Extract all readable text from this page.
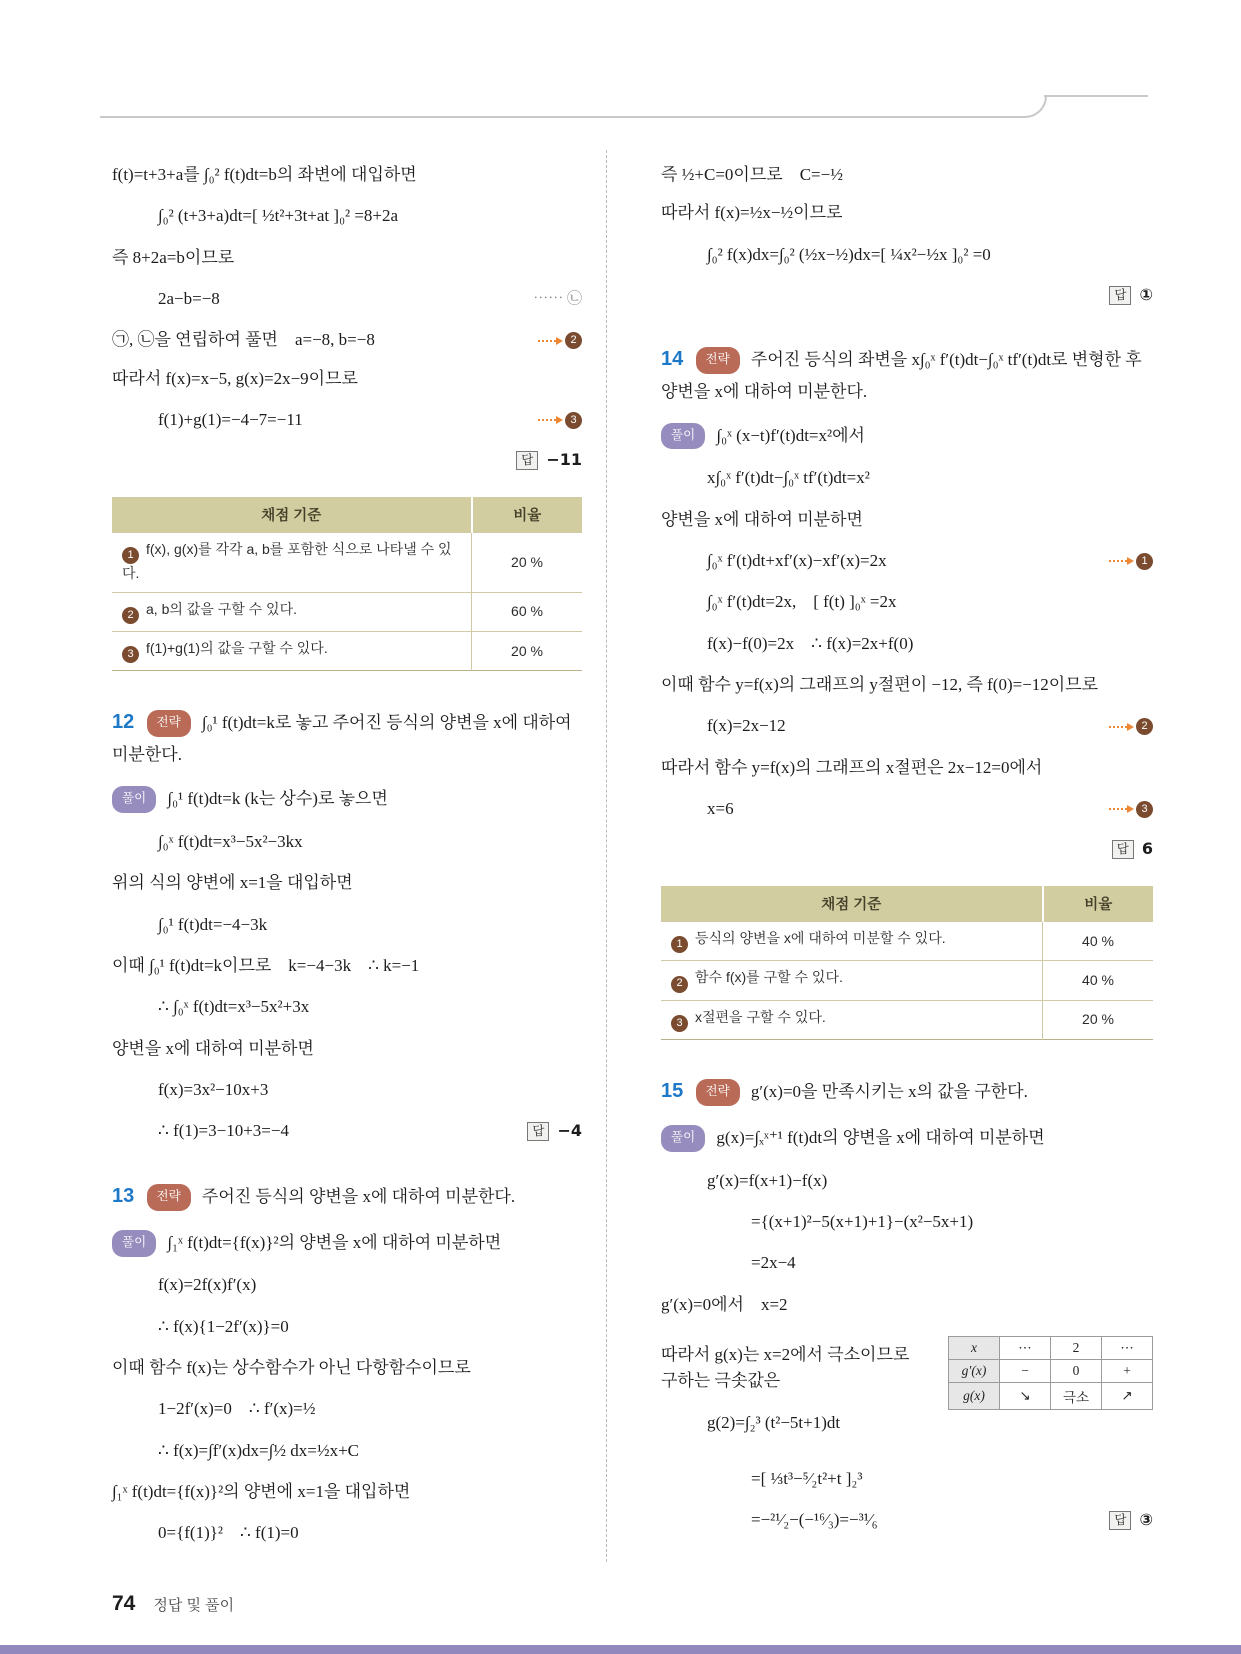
f(t)=t+3+a를 ∫₀² f(t)dt=b의 좌변에 대입하면
∫₀² (t+3+a)dt=[ ½t²+3t+at ]₀² =8+2a
즉 8+2a=b이므로
2a−b=−8	⋯⋯ ㉡
㉠, ㉡을 연립하여 풀면 a=−8, b=−8	2
따라서 f(x)=x−5, g(x)=2x−9이므로
f(1)+g(1)=−4−7=−11	3
답 −11
채점 기준	비율
1 f(x), g(x)를 각각 a, b를 포함한 식으로 나타낼 수 있다.	20 %
2 a, b의 값을 구할 수 있다.	60 %
3 f(1)+g(1)의 값을 구할 수 있다.	20 %

12 전략 ∫₀¹ f(t)dt=k로 놓고 주어진 등식의 양변을 x에 대하여 미분한다.

풀이 ∫₀¹ f(t)dt=k (k는 상수)로 놓으면

∫₀ˣ f(t)dt=x³−5x²−3kx
위의 식의 양변에 x=1을 대입하면
∫₀¹ f(t)dt=−4−3k
이때 ∫₀¹ f(t)dt=k이므로 k=−4−3k ∴ k=−1
∴ ∫₀ˣ f(t)dt=x³−5x²+3x
양변을 x에 대하여 미분하면
f(x)=3x²−10x+3
∴ f(1)=3−10+3=−4	답 −4

13 전략 주어진 등식의 양변을 x에 대하여 미분한다.

풀이 ∫₁ˣ f(t)dt={f(x)}²의 양변을 x에 대하여 미분하면

f(x)=2f(x)f′(x)
∴ f(x){1−2f′(x)}=0
이때 함수 f(x)는 상수함수가 아닌 다항함수이므로
1−2f′(x)=0 ∴ f′(x)=½
∴ f(x)=∫f′(x)dx=∫½ dx=½x+C
∫₁ˣ f(t)dt={f(x)}²의 양변에 x=1을 대입하면
0={f(1)}² ∴ f(1)=0
즉 ½+C=0이므로 C=−½
따라서 f(x)=½x−½이므로
∫₀² f(x)dx=∫₀² (½x−½)dx=[ ¼x²−½x ]₀² =0
답 ①

14 전략 주어진 등식의 좌변을 x∫₀ˣ f′(t)dt−∫₀ˣ tf′(t)dt로 변형한 후 양변을 x에 대하여 미분한다.

풀이 ∫₀ˣ (x−t)f′(t)dt=x²에서

x∫₀ˣ f′(t)dt−∫₀ˣ tf′(t)dt=x²
양변을 x에 대하여 미분하면
∫₀ˣ f′(t)dt+xf′(x)−xf′(x)=2x	1
∫₀ˣ f′(t)dt=2x, [ f(t) ]₀ˣ =2x
f(x)−f(0)=2x ∴ f(x)=2x+f(0)
이때 함수 y=f(x)의 그래프의 y절편이 −12, 즉 f(0)=−12이므로
f(x)=2x−12	2
따라서 함수 y=f(x)의 그래프의 x절편은 2x−12=0에서
x=6	3
답 6
채점 기준	비율
1 등식의 양변을 x에 대하여 미분할 수 있다.	40 %
2 함수 f(x)를 구할 수 있다.	40 %
3 x절편을 구할 수 있다.	20 %

15 전략 g′(x)=0을 만족시키는 x의 값을 구한다.

풀이 g(x)=∫ₓˣ⁺¹ f(t)dt의 양변을 x에 대하여 미분하면

g′(x)=f(x+1)−f(x)
={(x+1)²−5(x+1)+1}−(x²−5x+1)
=2x−4
g′(x)=0에서 x=2
따라서 g(x)는 x=2에서 극소이므로 구하는 극솟값은
g(2)=∫₂³ (t²−5t+1)dt
x	⋯	2	⋯
g′(x)	−	0	+
g(x)	↘	극소	↗
=[ ⅓t³−⁵⁄₂t²+t ]₂³
=−²¹⁄₂−(−¹⁶⁄₃)=−³¹⁄₆	답 ③
74 정답 및 풀이
